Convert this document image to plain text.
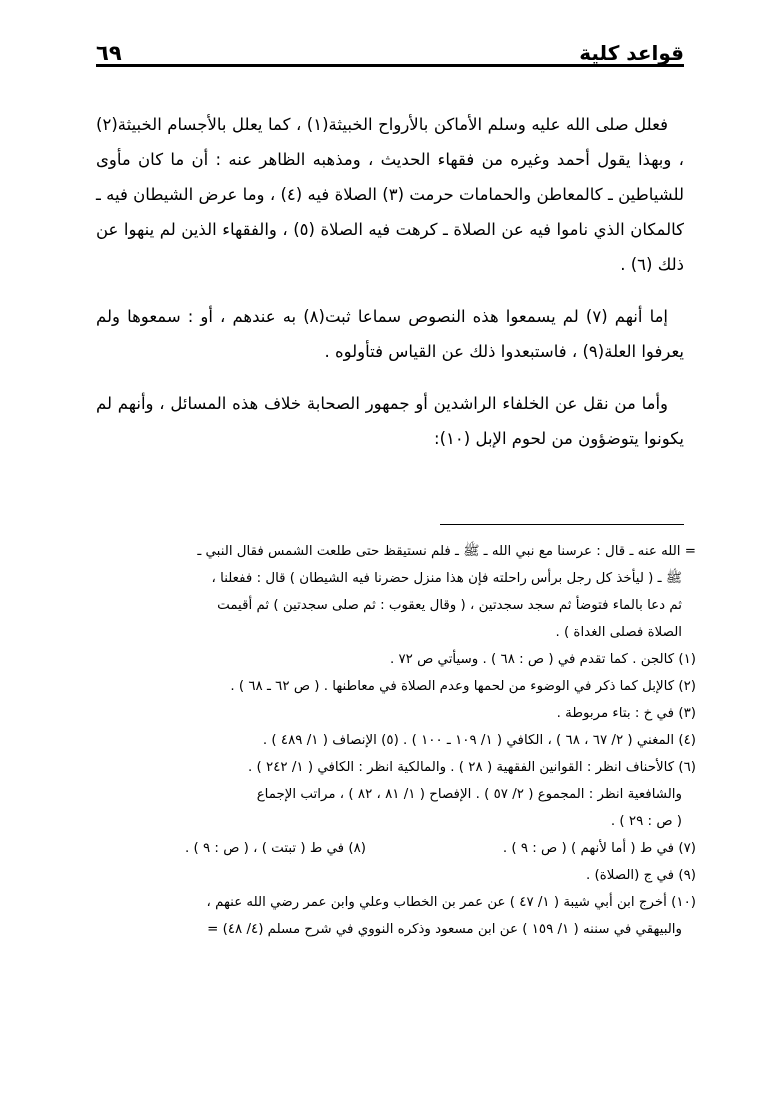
قواعد كلية
٦٩

فعلل صلى الله عليه وسلم الأماكن بالأرواح الخبيثة(١) ، كما يعلل بالأجسام الخبيثة(٢) ، وبهذا يقول أحمد وغيره من فقهاء الحديث ، ومذهبه الظاهر عنه : أن ما كان مأوى للشياطين ـ كالمعاطن والحمامات حرمت (٣) الصلاة فيه (٤) ، وما عرض الشيطان فيه ـ كالمكان الذي ناموا فيه عن الصلاة ـ كرهت فيه الصلاة (٥) ، والفقهاء الذين لم ينهوا عن ذلك (٦) .

إما أنهم (٧) لم يسمعوا هذه النصوص سماعا ثبت(٨) به عندهم ، أو : سمعوها ولم يعرفوا العلة(٩) ، فاستبعدوا ذلك عن القياس فتأولوه .

وأما من نقل عن الخلفاء الراشدين أو جمهور الصحابة خلاف هذه المسائل ، وأنهم لم يكونوا يتوضؤون من لحوم الإبل (١٠):

= الله عنه ـ قال : عرسنا مع نبي الله ـ ﷺ ـ فلم نستيقظ حتى طلعت الشمس فقال النبي ـ

ﷺ ـ ( ليأخذ كل رجل برأس راحلته فإن هذا منزل حضرنا فيه الشيطان ) قال : ففعلنا ،

ثم دعا بالماء فتوضأ ثم سجد سجدتين ، ( وقال يعقوب : ثم صلى سجدتين ) ثم أقيمت

الصلاة فصلى الغداة ) .

(١) كالجن . كما تقدم في ( ص : ٦٨ ) . وسيأتي ص ٧٢ .

(٢) كالإبل كما ذكر في الوضوء من لحمها وعدم الصلاة في معاطنها . ( ص ٦٢ ـ ٦٨ ) .

(٣) في خ : بتاء مربوطة .

(٤) المغني ( ٢/ ٦٧ ، ٦٨ ) ، الكافي ( ١/ ١٠٩ ـ ١٠٠ ) . (٥) الإنصاف ( ١/ ٤٨٩ ) .

(٦) كالأحناف انظر : القوانين الفقهية ( ٢٨ ) . والمالكية انظر : الكافي ( ١/ ٢٤٢ ) .

والشافعية انظر : المجموع ( ٢/ ٥٧ ) . الإفصاح ( ١/ ٨١ ، ٨٢ ) ، مراتب الإجماع

( ص : ٢٩ ) .

(٧) في ط ( أما لأنهم ) ( ص : ٩ ) .
(٨) في ط ( تبتت ) ، ( ص : ٩ ) .

(٩) في ج (الصلاة) .

(١٠) أخرج ابن أبي شيبة ( ١/ ٤٧ ) عن عمر بن الخطاب وعلي وابن عمر رضي الله عنهم ،

والبيهقي في سننه ( ١/ ١٥٩ ) عن ابن مسعود وذكره النووي في شرح مسلم (٤/ ٤٨) =
